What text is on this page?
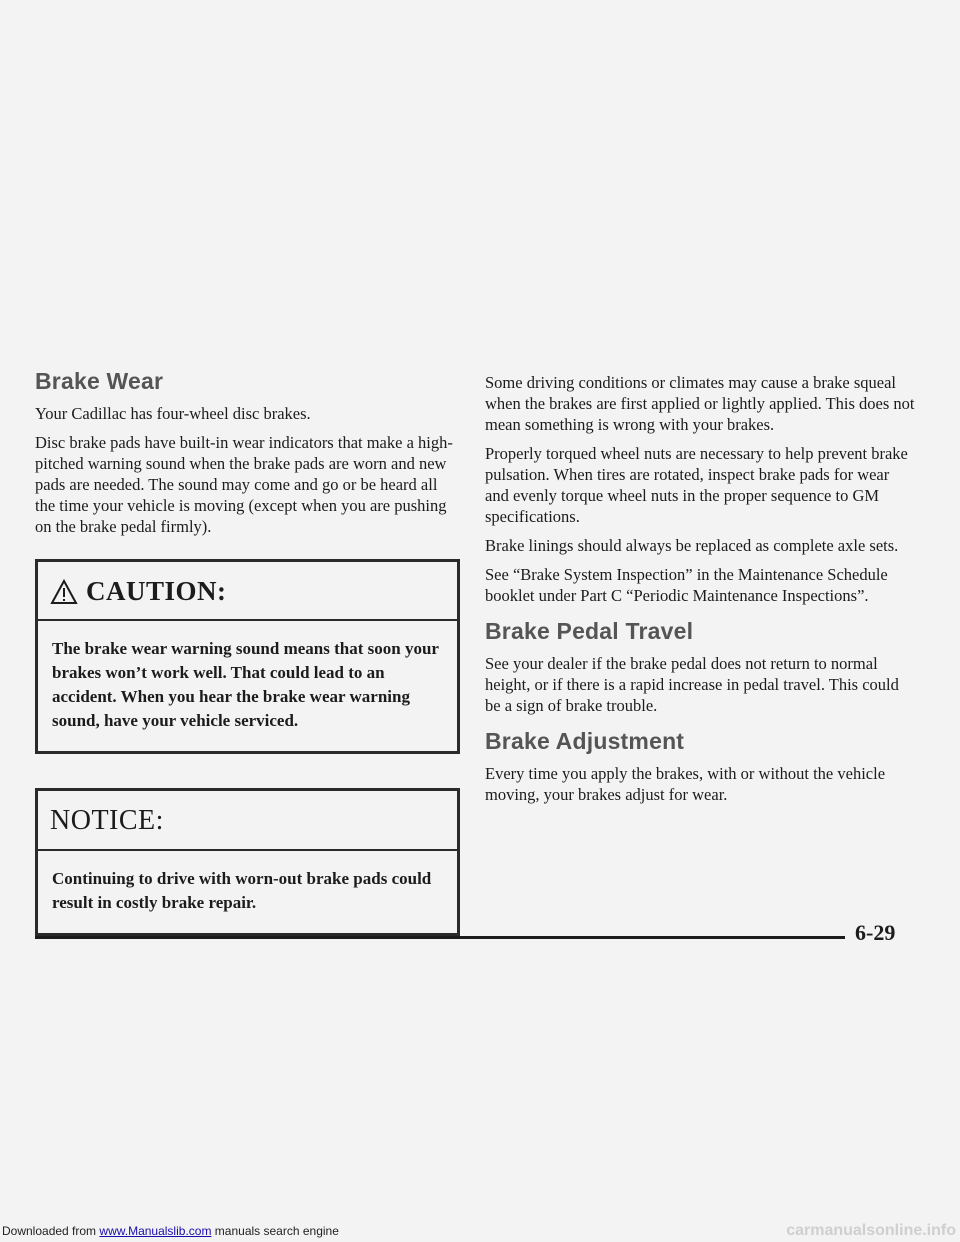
Brake Wear

Your Cadillac has four-wheel disc brakes.

Disc brake pads have built-in wear indicators that make a high-pitched warning sound when the brake pads are worn and new pads are needed. The sound may come and go or be heard all the time your vehicle is moving (except when you are pushing on the brake pedal firmly).

CAUTION:
The brake wear warning sound means that soon your brakes won’t work well. That could lead to an accident. When you hear the brake wear warning sound, have your vehicle serviced.
NOTICE:
Continuing to drive with worn-out brake pads could result in costly brake repair.

Some driving conditions or climates may cause a brake squeal when the brakes are first applied or lightly applied. This does not mean something is wrong with your brakes.

Properly torqued wheel nuts are necessary to help prevent brake pulsation. When tires are rotated, inspect brake pads for wear and evenly torque wheel nuts in the proper sequence to GM specifications.

Brake linings should always be replaced as complete axle sets.

See “Brake System Inspection” in the Maintenance Schedule booklet under Part C “Periodic Maintenance Inspections”.

Brake Pedal Travel

See your dealer if the brake pedal does not return to normal height, or if there is a rapid increase in pedal travel. This could be a sign of brake trouble.

Brake Adjustment

Every time you apply the brakes, with or without the vehicle moving, your brakes adjust for wear.

6-29
Downloaded from www.Manualslib.com manuals search engine	carmanualsonline.info
